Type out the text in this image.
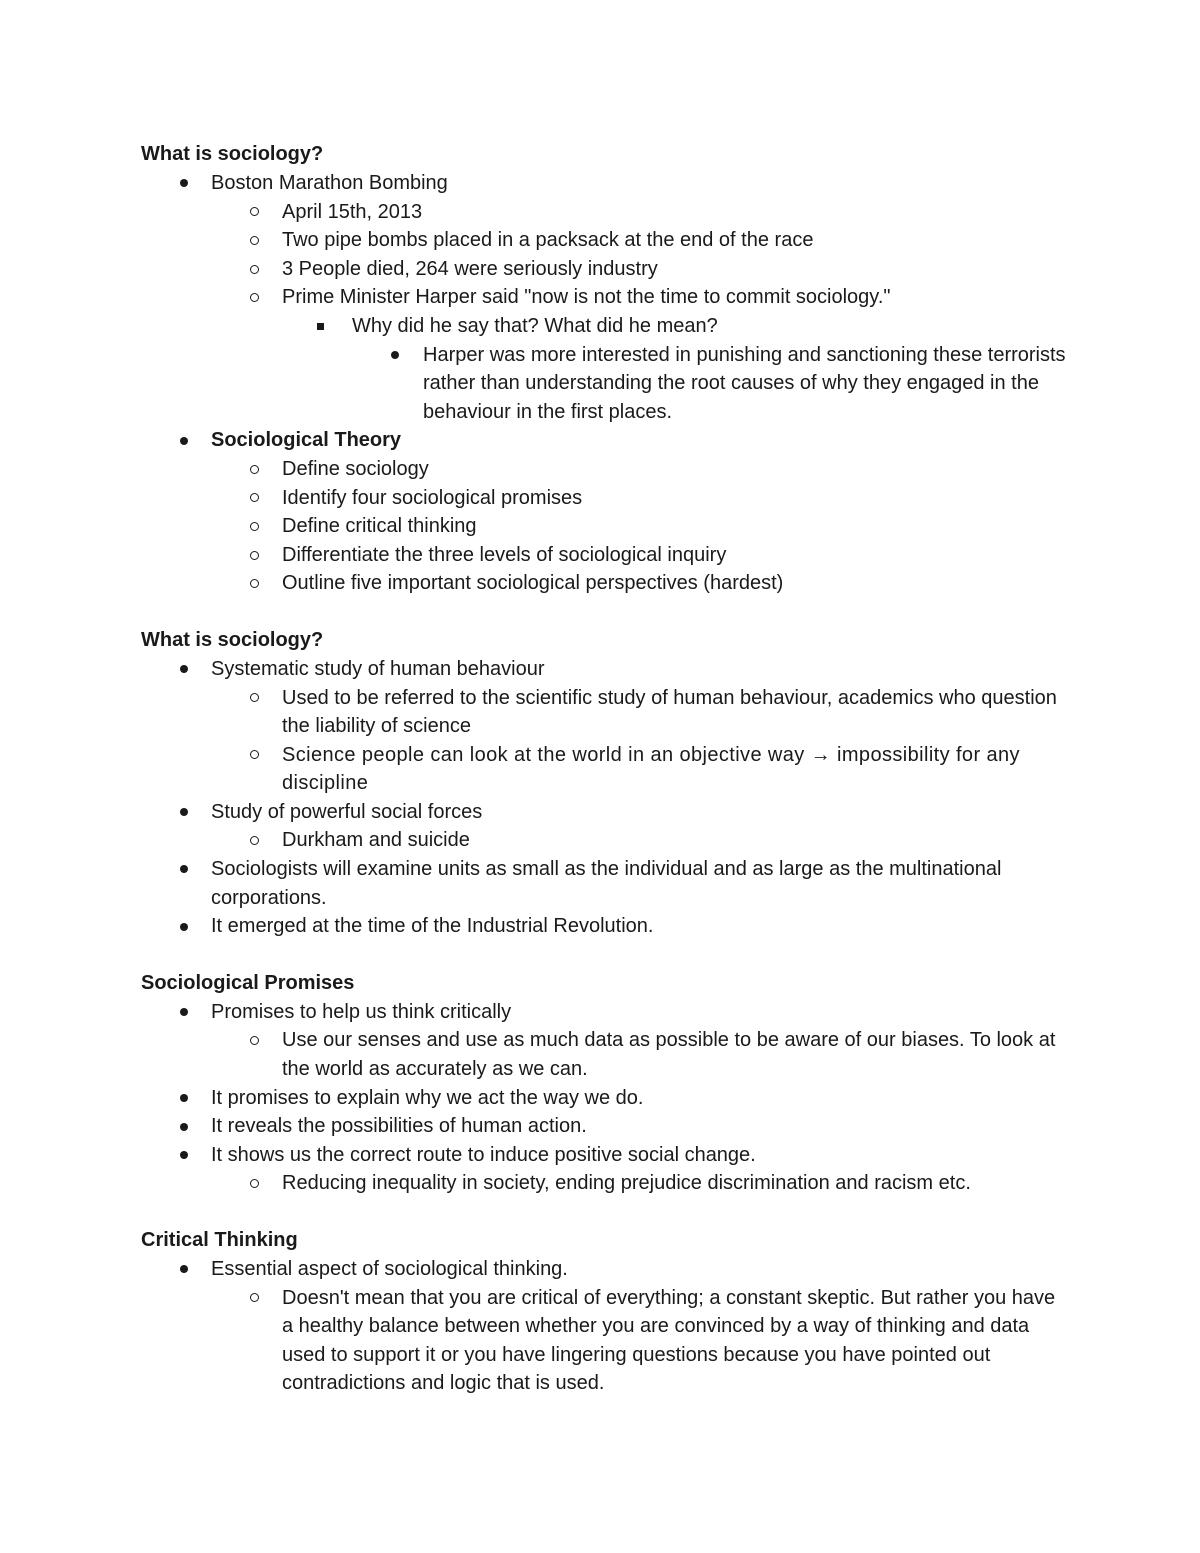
What is sociology?
Boston Marathon Bombing
April 15th, 2013
Two pipe bombs placed in a packsack at the end of the race
3 People died, 264 were seriously industry
Prime Minister Harper said "now is not the time to commit sociology."
Why did he say that? What did he mean?
Harper was more interested in punishing and sanctioning these terrorists rather than understanding the root causes of why they engaged in the behaviour in the first places.
Sociological Theory
Define sociology
Identify four sociological promises
Define critical thinking
Differentiate the three levels of sociological inquiry
Outline five important sociological perspectives (hardest)
What is sociology?
Systematic study of human behaviour
Used to be referred to the scientific study of human behaviour, academics who question the liability of science
Science people can look at the world in an objective way → impossibility for any discipline
Study of powerful social forces
Durkham and suicide
Sociologists will examine units as small as the individual and as large as the multinational corporations.
It emerged at the time of the Industrial Revolution.
Sociological Promises
Promises to help us think critically
Use our senses and use as much data as possible to be aware of our biases. To look at the world as accurately as we can.
It promises to explain why we act the way we do.
It reveals the possibilities of human action.
It shows us the correct route to induce positive social change.
Reducing inequality in society, ending prejudice discrimination and racism etc.
Critical Thinking
Essential aspect of sociological thinking.
Doesn't mean that you are critical of everything; a constant skeptic. But rather you have a healthy balance between whether you are convinced by a way of thinking and data used to support it or you have lingering questions because you have pointed out contradictions and logic that is used.
